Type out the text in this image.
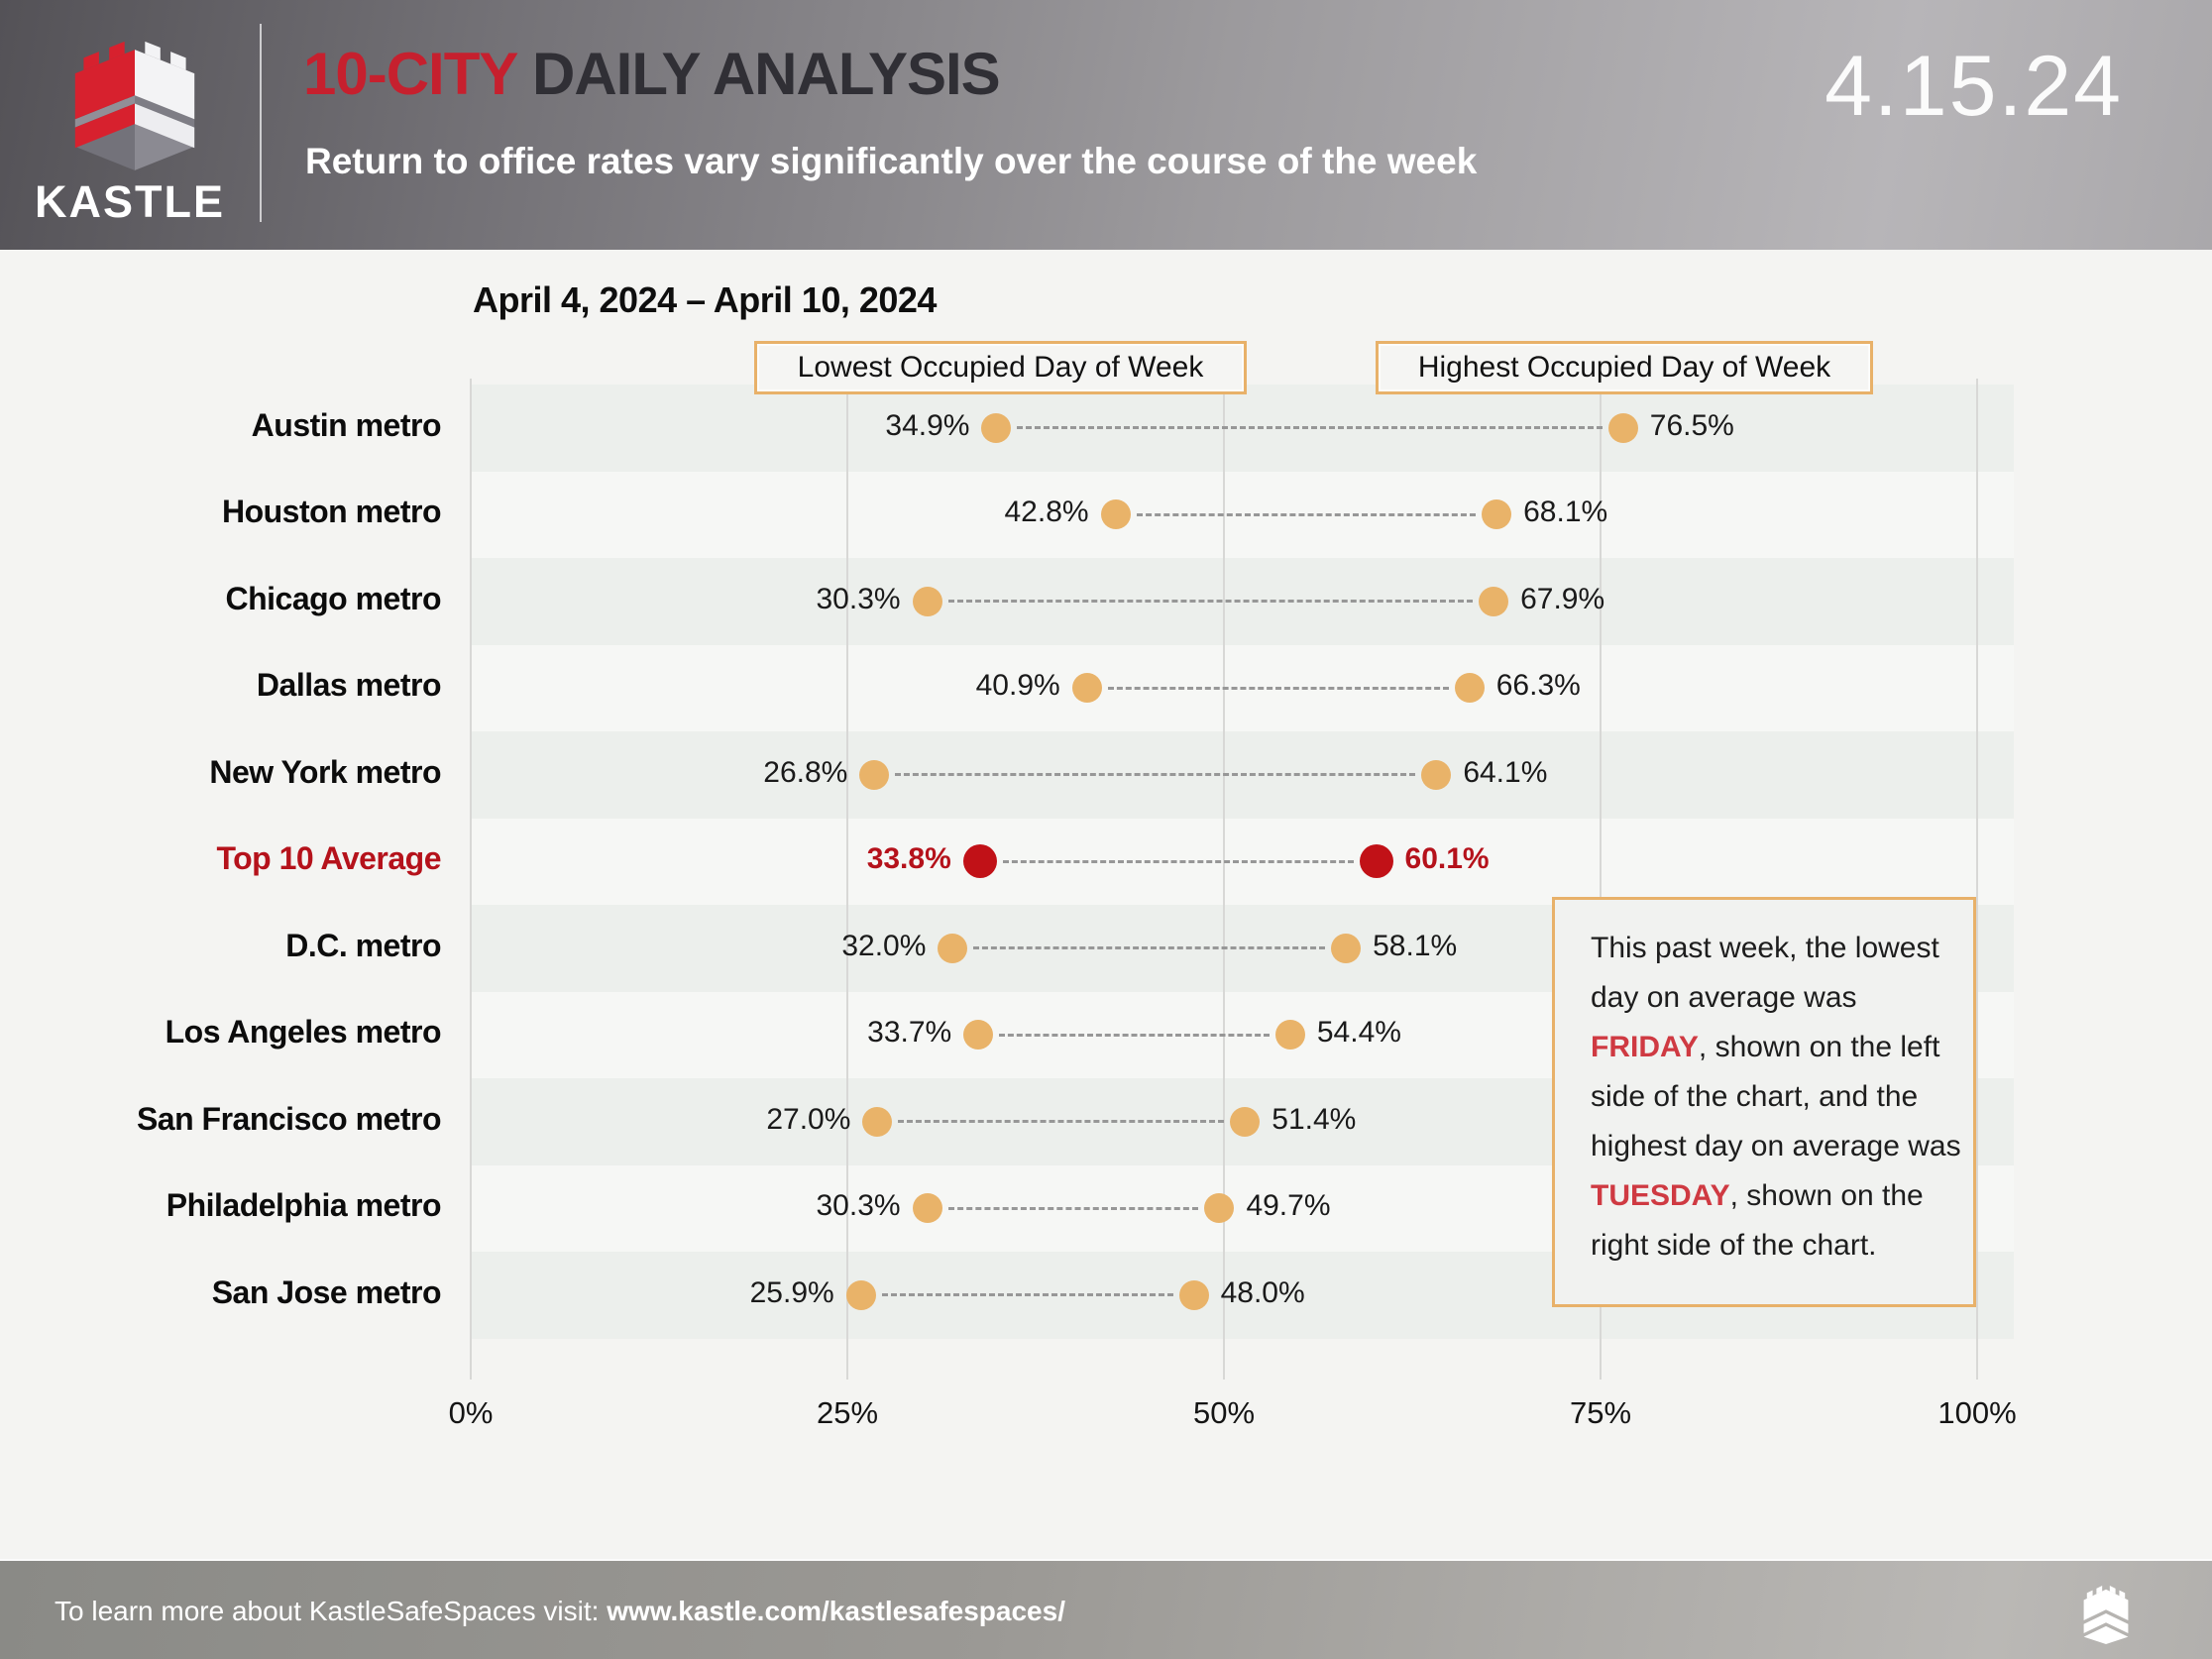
KASTLE
10-CITY DAILY ANALYSIS
Return to office rates vary significantly over the course of the week
4.15.24
April 4, 2024 – April 10, 2024
Lowest Occupied Day of Week	Highest Occupied Day of Week
Austin metro	34.9%	76.5%
Houston metro	42.8%	68.1%
Chicago metro	30.3%	67.9%
Dallas metro	40.9%	66.3%
New York metro	26.8%	64.1%
Top 10 Average	33.8%	60.1%
D.C. metro	32.0%	58.1%
Los Angeles metro	33.7%	54.4%
San Francisco metro	27.0%	51.4%
Philadelphia metro	30.3%	49.7%
San Jose metro	25.9%	48.0%
0%	25%	50%	75%	100%
This past week, the lowest day on average was FRIDAY, shown on the left side of the chart, and the highest day on average was TUESDAY, shown on the right side of the chart.
To learn more about KastleSafeSpaces visit: www.kastle.com/kastlesafespaces/
